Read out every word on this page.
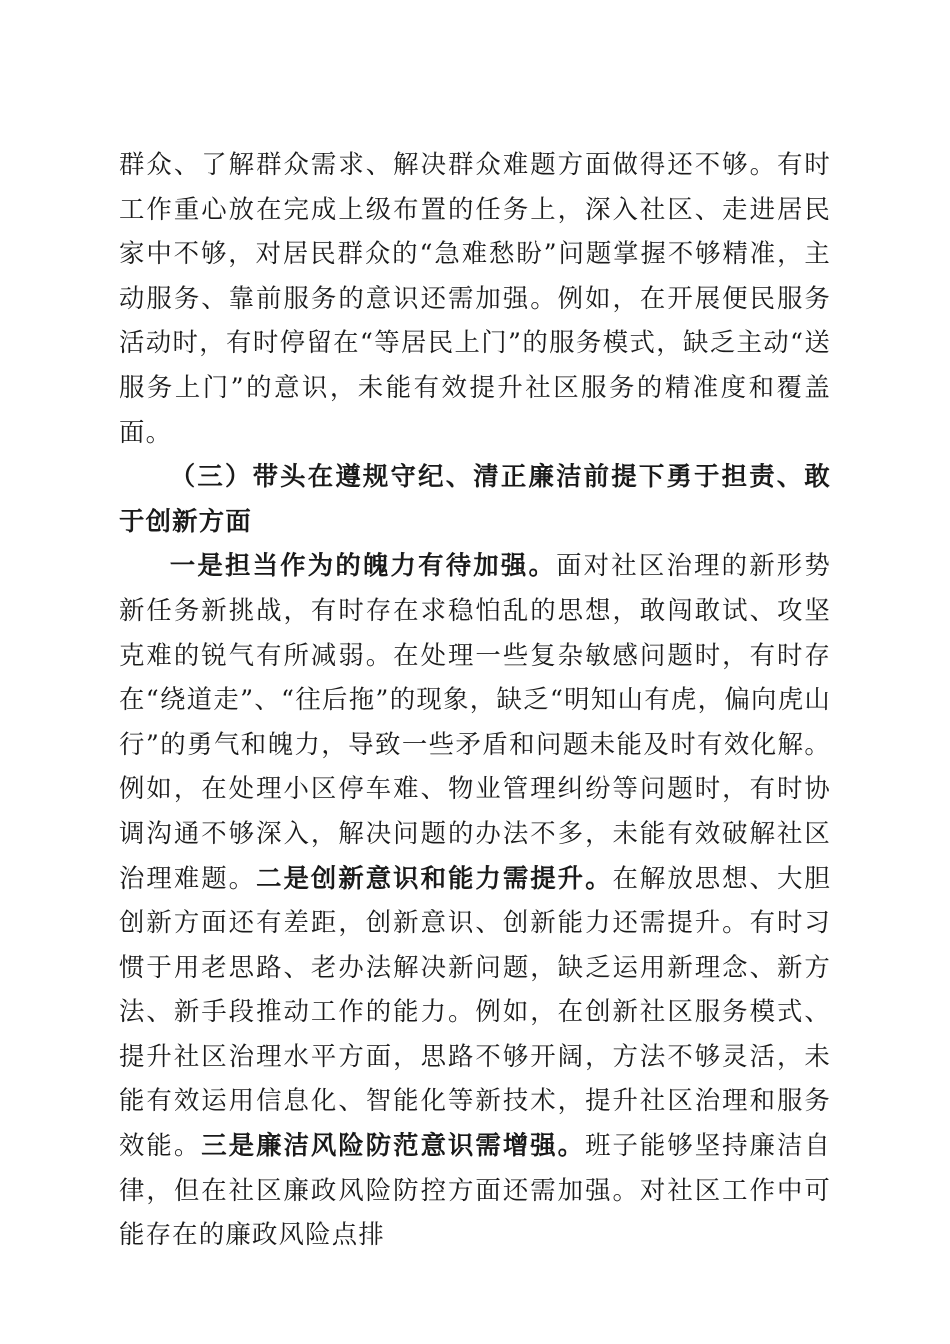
群众、了解群众需求、解决群众难题方面做得还不够。有时工作重心放在完成上级布置的任务上，深入社区、走进居民家中不够，对居民群众的“急难愁盼”问题掌握不够精准，主动服务、靠前服务的意识还需加强。例如，在开展便民服务活动时，有时停留在“等居民上门”的服务模式，缺乏主动“送服务上门”的意识，未能有效提升社区服务的精准度和覆盖面。

（三）带头在遵规守纪、清正廉洁前提下勇于担责、敢于创新方面

一是担当作为的魄力有待加强。面对社区治理的新形势新任务新挑战，有时存在求稳怕乱的思想，敢闯敢试、攻坚克难的锐气有所减弱。在处理一些复杂敏感问题时，有时存在“绕道走”、“往后拖”的现象，缺乏“明知山有虎，偏向虎山行”的勇气和魄力，导致一些矛盾和问题未能及时有效化解。例如，在处理小区停车难、物业管理纠纷等问题时，有时协调沟通不够深入，解决问题的办法不多，未能有效破解社区治理难题。二是创新意识和能力需提升。在解放思想、大胆创新方面还有差距，创新意识、创新能力还需提升。有时习惯于用老思路、老办法解决新问题，缺乏运用新理念、新方法、新手段推动工作的能力。例如，在创新社区服务模式、提升社区治理水平方面，思路不够开阔，方法不够灵活，未能有效运用信息化、智能化等新技术，提升社区治理和服务效能。三是廉洁风险防范意识需增强。班子能够坚持廉洁自律，但在社区廉政风险防控方面还需加强。对社区工作中可能存在的廉政风险点排
